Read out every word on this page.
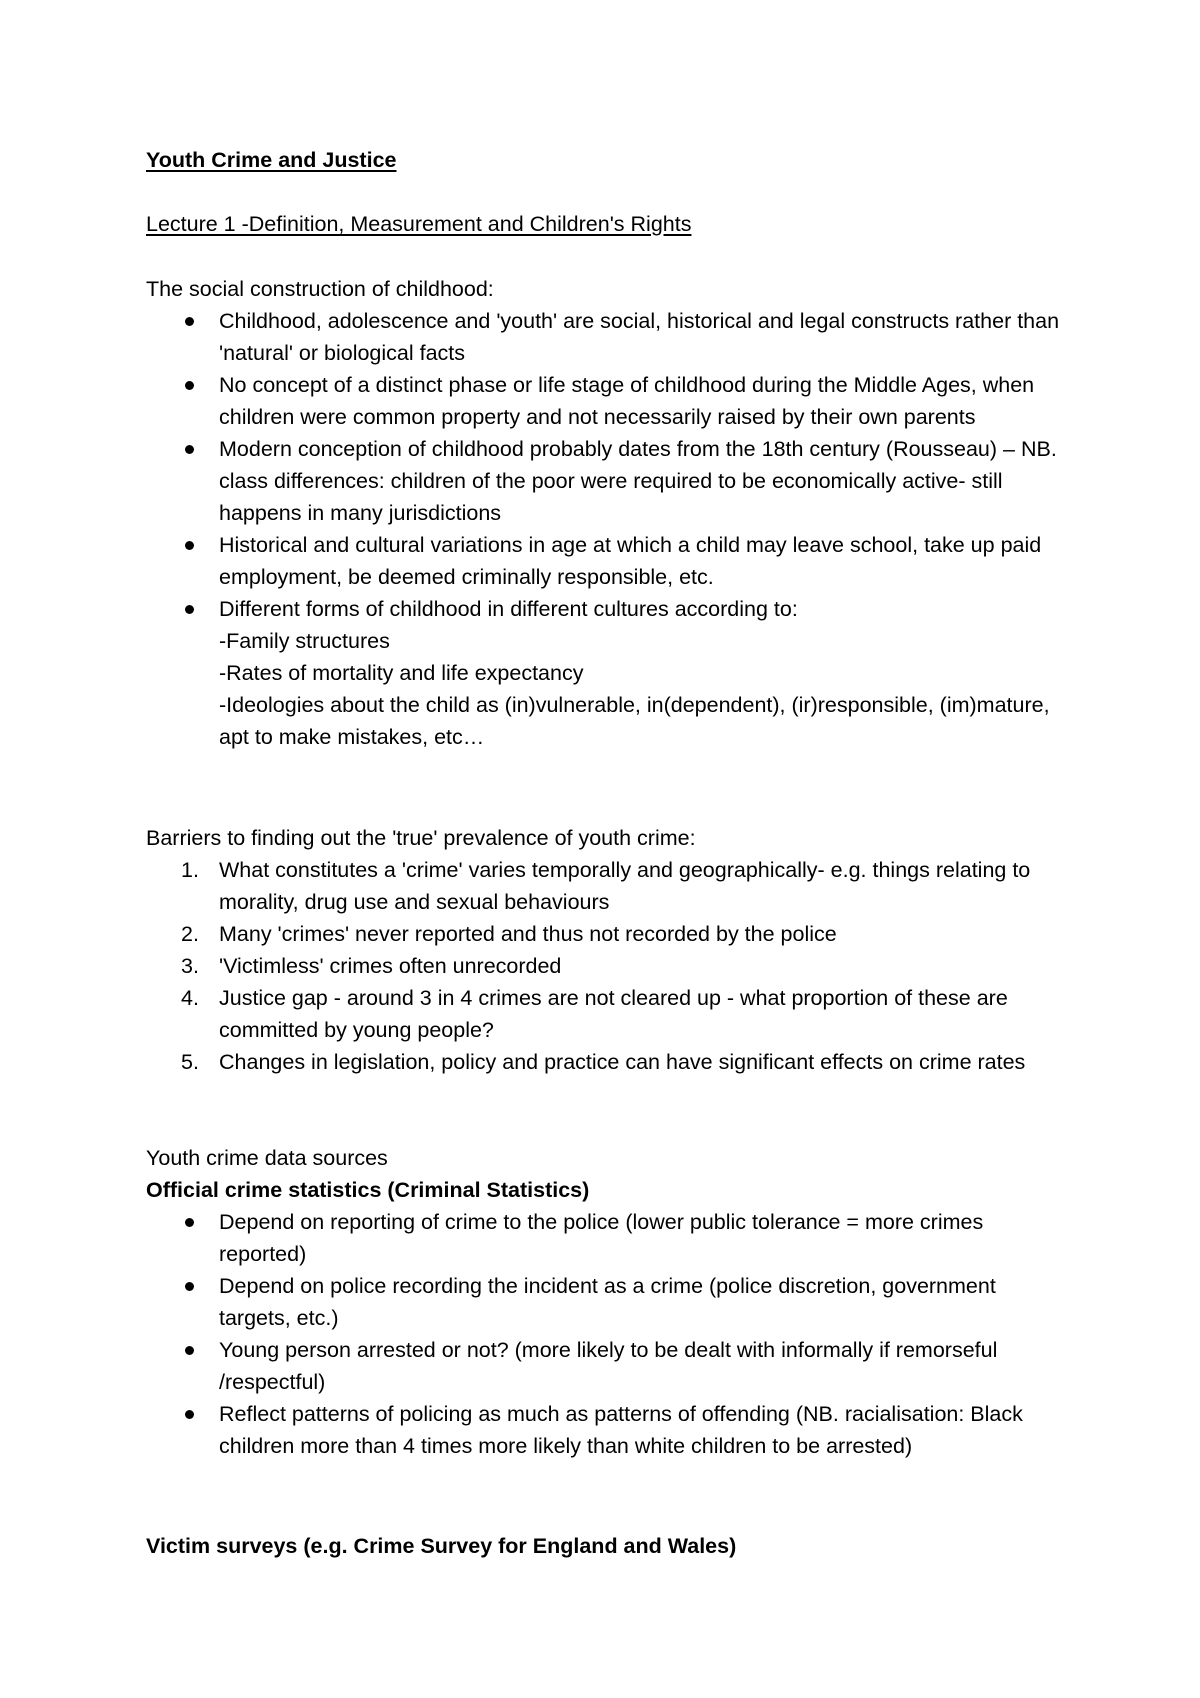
Youth Crime and Justice
Lecture 1 -Definition, Measurement and Children's Rights
The social construction of childhood:
Childhood, adolescence and 'youth' are social, historical and legal constructs rather than 'natural' or biological facts
No concept of a distinct phase or life stage of childhood during the Middle Ages, when children were common property and not necessarily raised by their own parents
Modern conception of childhood probably dates from the 18th century (Rousseau) – NB. class differences: children of the poor were required to be economically active- still happens in many jurisdictions
Historical and cultural variations in age at which a child may leave school, take up paid employment, be deemed criminally responsible, etc.
Different forms of childhood in different cultures according to:
-Family structures
-Rates of mortality and life expectancy
-Ideologies about the child as (in)vulnerable, in(dependent), (ir)responsible, (im)mature, apt to make mistakes, etc…
Barriers to finding out the 'true' prevalence of youth crime:
1. What constitutes a 'crime' varies temporally and geographically- e.g. things relating to morality, drug use and sexual behaviours
2. Many 'crimes' never reported and thus not recorded by the police
3. 'Victimless' crimes often unrecorded
4. Justice gap - around 3 in 4 crimes are not cleared up - what proportion of these are committed by young people?
5. Changes in legislation, policy and practice can have significant effects on crime rates
Youth crime data sources
Official crime statistics (Criminal Statistics)
Depend on reporting of crime to the police (lower public tolerance = more crimes reported)
Depend on police recording the incident as a crime (police discretion, government targets, etc.)
Young person arrested or not? (more likely to be dealt with informally if remorseful /respectful)
Reflect patterns of policing as much as patterns of offending (NB. racialisation: Black children more than 4 times more likely than white children to be arrested)
Victim surveys (e.g. Crime Survey for England and Wales)
